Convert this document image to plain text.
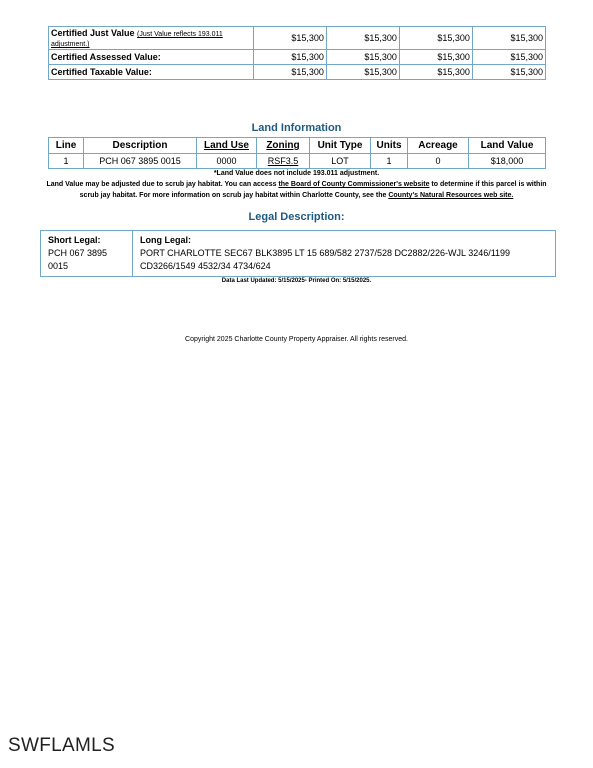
Certified Just Value (Just Value reflects 193.011 adjustment.)	$15,300	$15,300	$15,300	$15,300
Certified Assessed Value:	$15,300	$15,300	$15,300	$15,300
Certified Taxable Value:	$15,300	$15,300	$15,300	$15,300
Land Information
Line	Description	Land Use	Zoning	Unit Type	Units	Acreage	Land Value
1	PCH 067 3895 0015	0000	RSF3.5	LOT	1	0	$18,000
*Land Value does not include 193.011 adjustment.
Land Value may be adjusted due to scrub jay habitat. You can access the Board of County Commissioner's website to determine if this parcel is within scrub jay habitat. For more information on scrub jay habitat within Charlotte County, see the County's Natural Resources web site.
Legal Description:
Short Legal:
PCH 067 3895 0015

Long Legal:
PORT CHARLOTTE SEC67 BLK3895 LT 15 689/582 2737/528 DC2882/226-WJL 3246/1199 CD3266/1549 4532/34 4734/624
Data Last Updated: 5/15/2025- Printed On: 5/15/2025.
Copyright 2025 Charlotte County Property Appraiser. All rights reserved.
SWFLAMLS
